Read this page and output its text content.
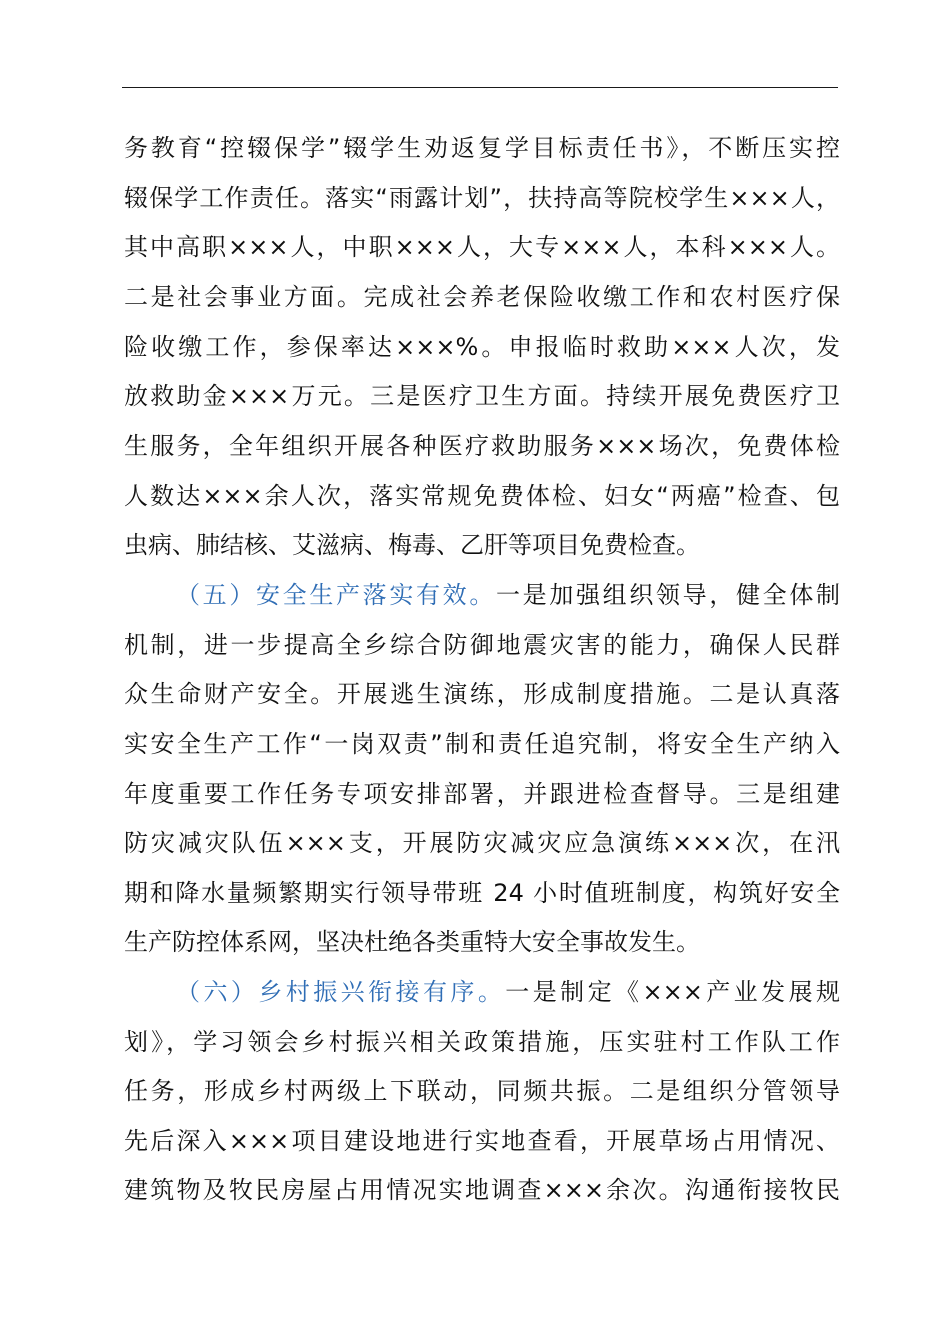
务教育“控辍保学”辍学生劝返复学目标责任书》，不断压实控
辍保学工作责任。落实“雨露计划”，扶持高等院校学生×××人，
其中高职×××人，中职×××人，大专×××人，本科×××人。
二是社会事业方面。完成社会养老保险收缴工作和农村医疗保
险收缴工作，参保率达×××%。申报临时救助×××人次，发
放救助金×××万元。三是医疗卫生方面。持续开展免费医疗卫
生服务，全年组织开展各种医疗救助服务×××场次，免费体检
人数达×××余人次，落实常规免费体检、妇女“两癌”检查、包
虫病、肺结核、艾滋病、梅毒、乙肝等项目免费检查。
（五）安全生产落实有效。一是加强组织领导，健全体制
机制，进一步提高全乡综合防御地震灾害的能力，确保人民群
众生命财产安全。开展逃生演练，形成制度措施。二是认真落
实安全生产工作“一岗双责”制和责任追究制，将安全生产纳入
年度重要工作任务专项安排部署，并跟进检查督导。三是组建
防灾减灾队伍×××支，开展防灾减灾应急演练×××次，在汛
期和降水量频繁期实行领导带班 24 小时值班制度，构筑好安全
生产防控体系网，坚决杜绝各类重特大安全事故发生。
（六）乡村振兴衔接有序。一是制定《×××产业发展规
划》，学习领会乡村振兴相关政策措施，压实驻村工作队工作
任务，形成乡村两级上下联动，同频共振。二是组织分管领导
先后深入×××项目建设地进行实地查看，开展草场占用情况、
建筑物及牧民房屋占用情况实地调查×××余次。沟通衔接牧民
